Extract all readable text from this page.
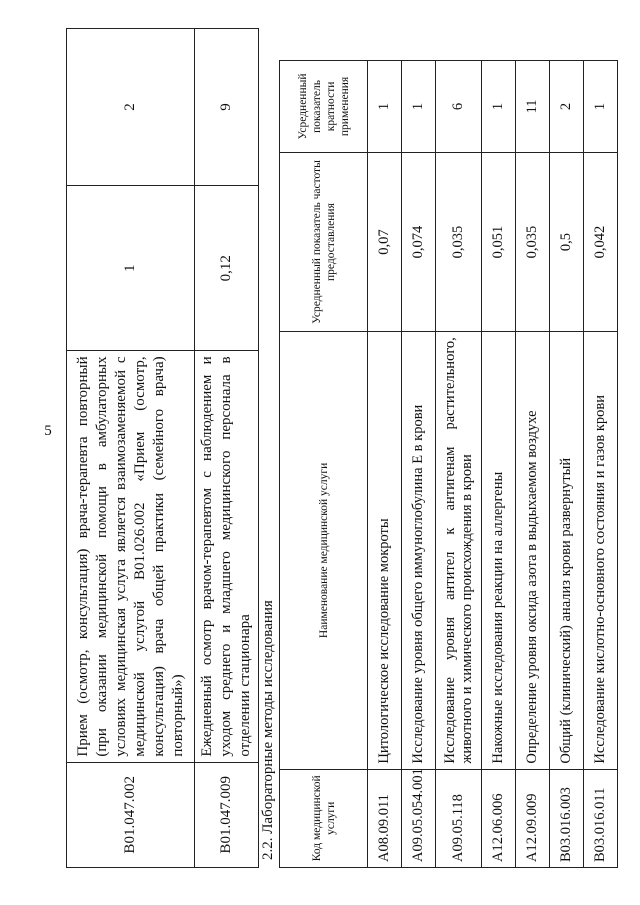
5
B01.047.002	Прием (осмотр, консультация) врача-терапевта повторный (при оказании медицинской помощи в амбулаторных условиях медицинская услуга является взаимозаменяемой с медицинской услугой B01.026.002 «Прием (осмотр, консультация) врача общей практики (семейного врача) повторный»)	1	2
B01.047.009	Ежедневный осмотр врачом-терапевтом с наблюдением и уходом среднего и младшего медицинского персонала в отделении стационара	0,12	9
2.2. Лабораторные методы исследования	Код медицинской услуги	Наименование медицинской услуги	Усредненный показатель частоты предоставления	Усредненный показатель кратности применения
A08.09.011	Цитологическое исследование мокроты	0,07	1
A09.05.054.001	Исследование уровня общего иммуноглобулина E в крови	0,074	1
A09.05.118	Исследование уровня антител к антигенам растительного, животного и химического происхождения в крови	0,035	6
A12.06.006	Накожные исследования реакции на аллергены	0,051	1
A12.09.009	Определение уровня оксида азота в выдыхаемом воздухе	0,035	11
B03.016.003	Общий (клинический) анализ крови развернутый	0,5	2
B03.016.011	Исследование кислотно-основного состояния и газов крови	0,042	1
